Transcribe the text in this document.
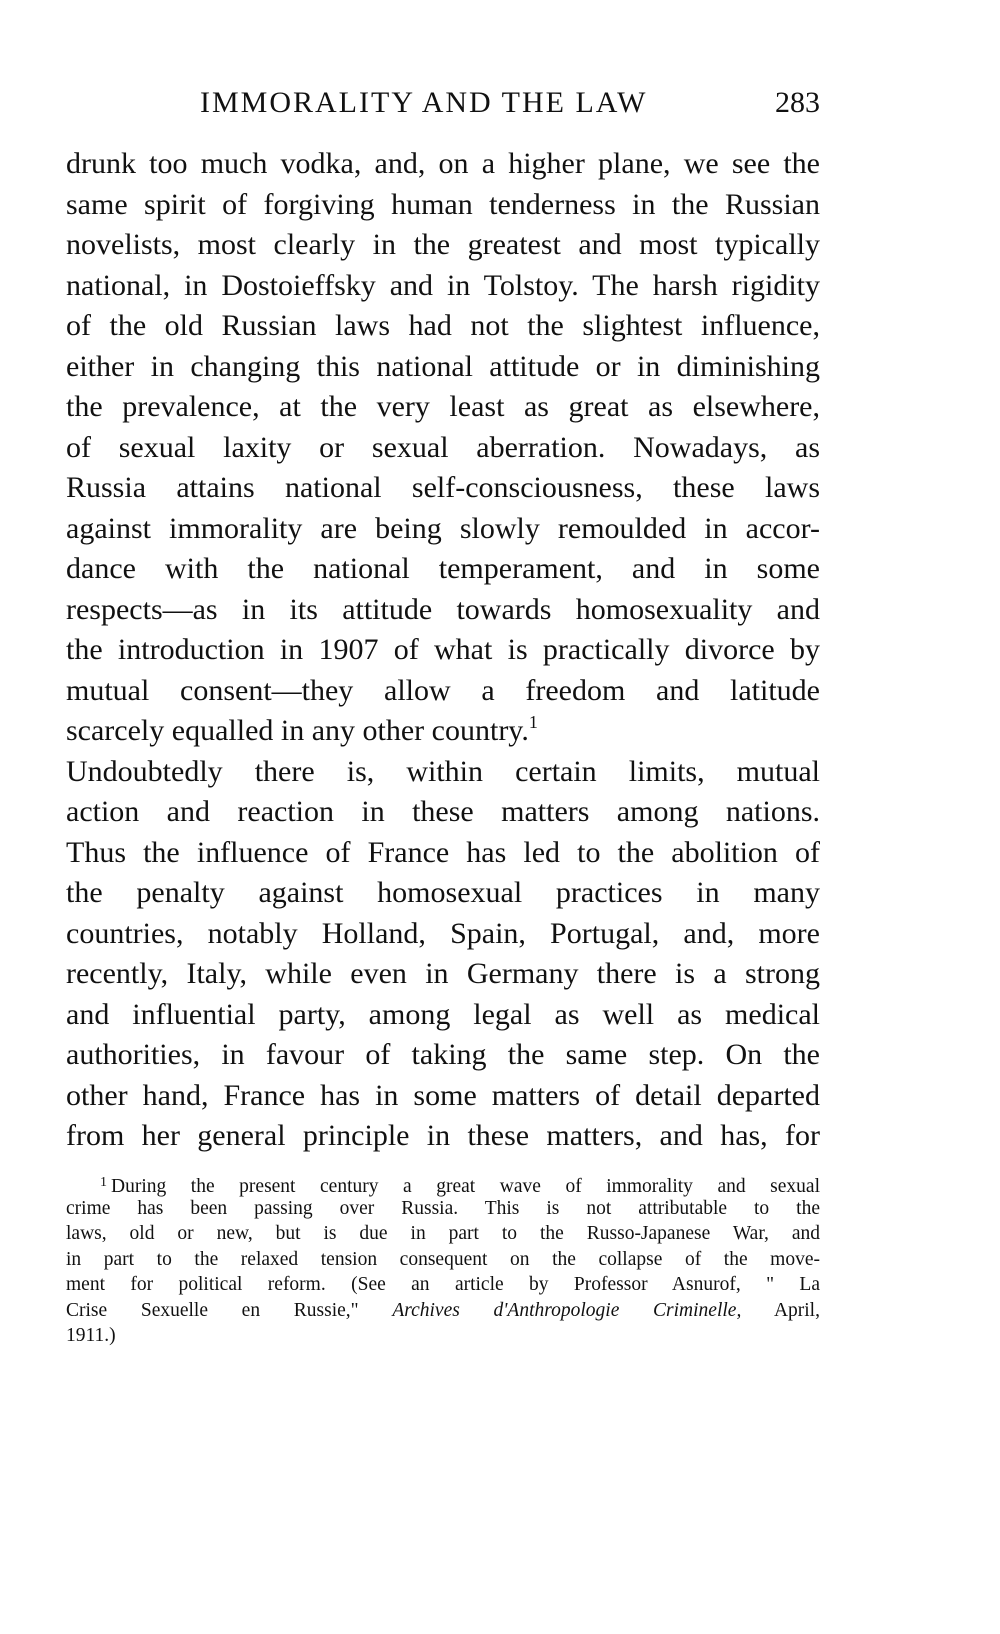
IMMORALITY AND THE LAW	283
drunk too much vodka, and, on a higher plane, we see the
same spirit of forgiving human tenderness in the Russian
novelists, most clearly in the greatest and most typically
national, in Dostoieffsky and in Tolstoy. The harsh rigidity
of the old Russian laws had not the slightest influence,
either in changing this national attitude or in diminishing
the prevalence, at the very least as great as elsewhere,
of sexual laxity or sexual aberration. Nowadays, as
Russia attains national self-consciousness, these laws
against immorality are being slowly remoulded in accor-
dance with the national temperament, and in some
respects—as in its attitude towards homosexuality and
the introduction in 1907 of what is practically divorce by
mutual consent—they allow a freedom and latitude
scarcely equalled in any other country.$^1$
Undoubtedly there is, within certain limits, mutual
action and reaction in these matters among nations.
Thus the influence of France has led to the abolition of
the penalty against homosexual practices in many
countries, notably Holland, Spain, Portugal, and, more
recently, Italy, while even in Germany there is a strong
and influential party, among legal as well as medical
authorities, in favour of taking the same step. On the
other hand, France has in some matters of detail departed
from her general principle in these matters, and has, for
$^1$ During the present century a great wave of immorality and sexual
crime has been passing over Russia. This is not attributable to the
laws, old or new, but is due in part to the Russo-Japanese War, and
in part to the relaxed tension consequent on the collapse of the move-
ment for political reform. (See an article by Professor Asnurof, " La
Crise Sexuelle en Russie," Archives d'Anthropologie Criminelle, April,
1911.)
